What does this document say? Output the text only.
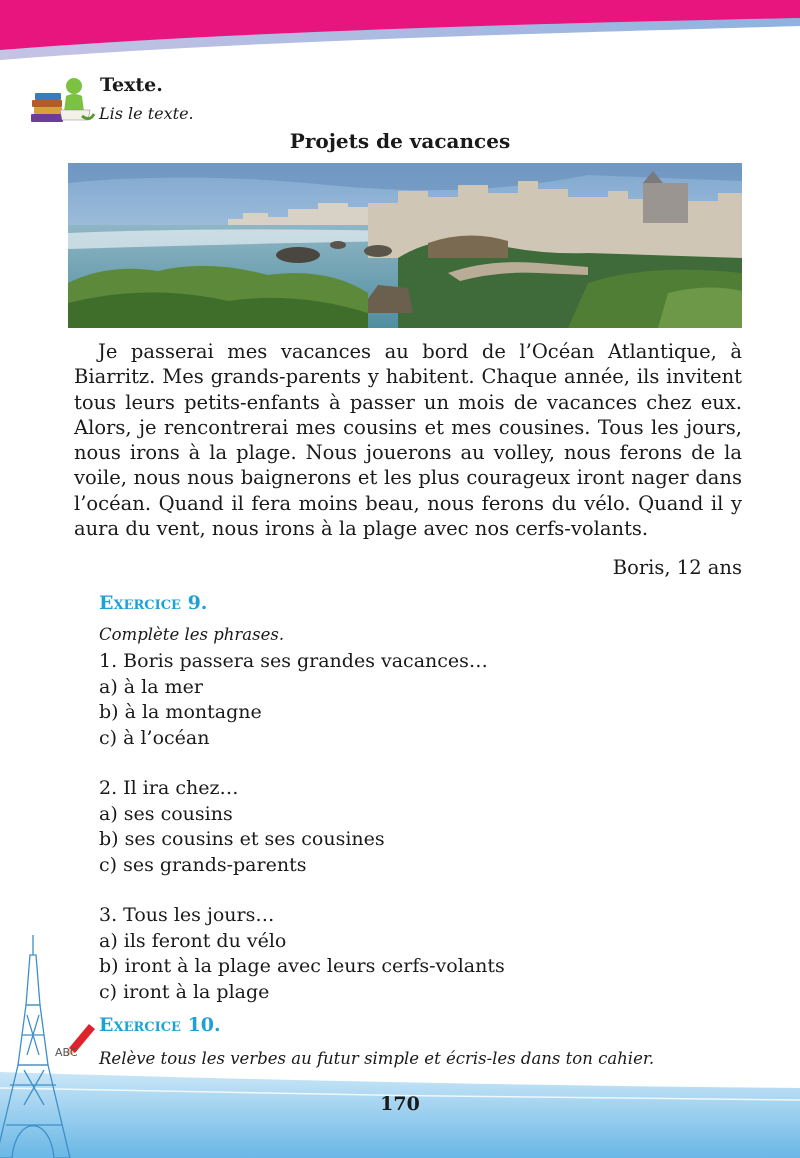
Texte.
Lis le texte.
Projets de vacances

Je passerai mes vacances au bord de l’Océan Atlantique, à Biarritz. Mes grands-parents y habitent. Chaque année, ils invitent tous leurs petits-enfants à passer un mois de vacances chez eux. Alors, je rencontrerai mes cousins et mes cousines. Tous les jours, nous irons à la plage. Nous jouerons au volley, nous ferons de la voile, nous nous baignerons et les plus courageux iront nager dans l’océan. Quand il fera moins beau, nous ferons du vélo. Quand il y aura du vent, nous irons à la plage avec nos cerfs-volants.

Boris, 12 ans
Exercice 9.
Complète les phrases.
1. Boris passera ses grandes vacances…
a) à la mer
b) à la montagne
c) à l’océan
2. Il ira chez…
a) ses cousins
b) ses cousins et ses cousines
c) ses grands-parents
3. Tous les jours…
a) ils feront du vélo
b) iront à la plage avec leurs cerfs-volants
c) iront à la plage
ABC
Exercice 10.
Relève tous les verbes au futur simple et écris-les dans ton cahier.
170
